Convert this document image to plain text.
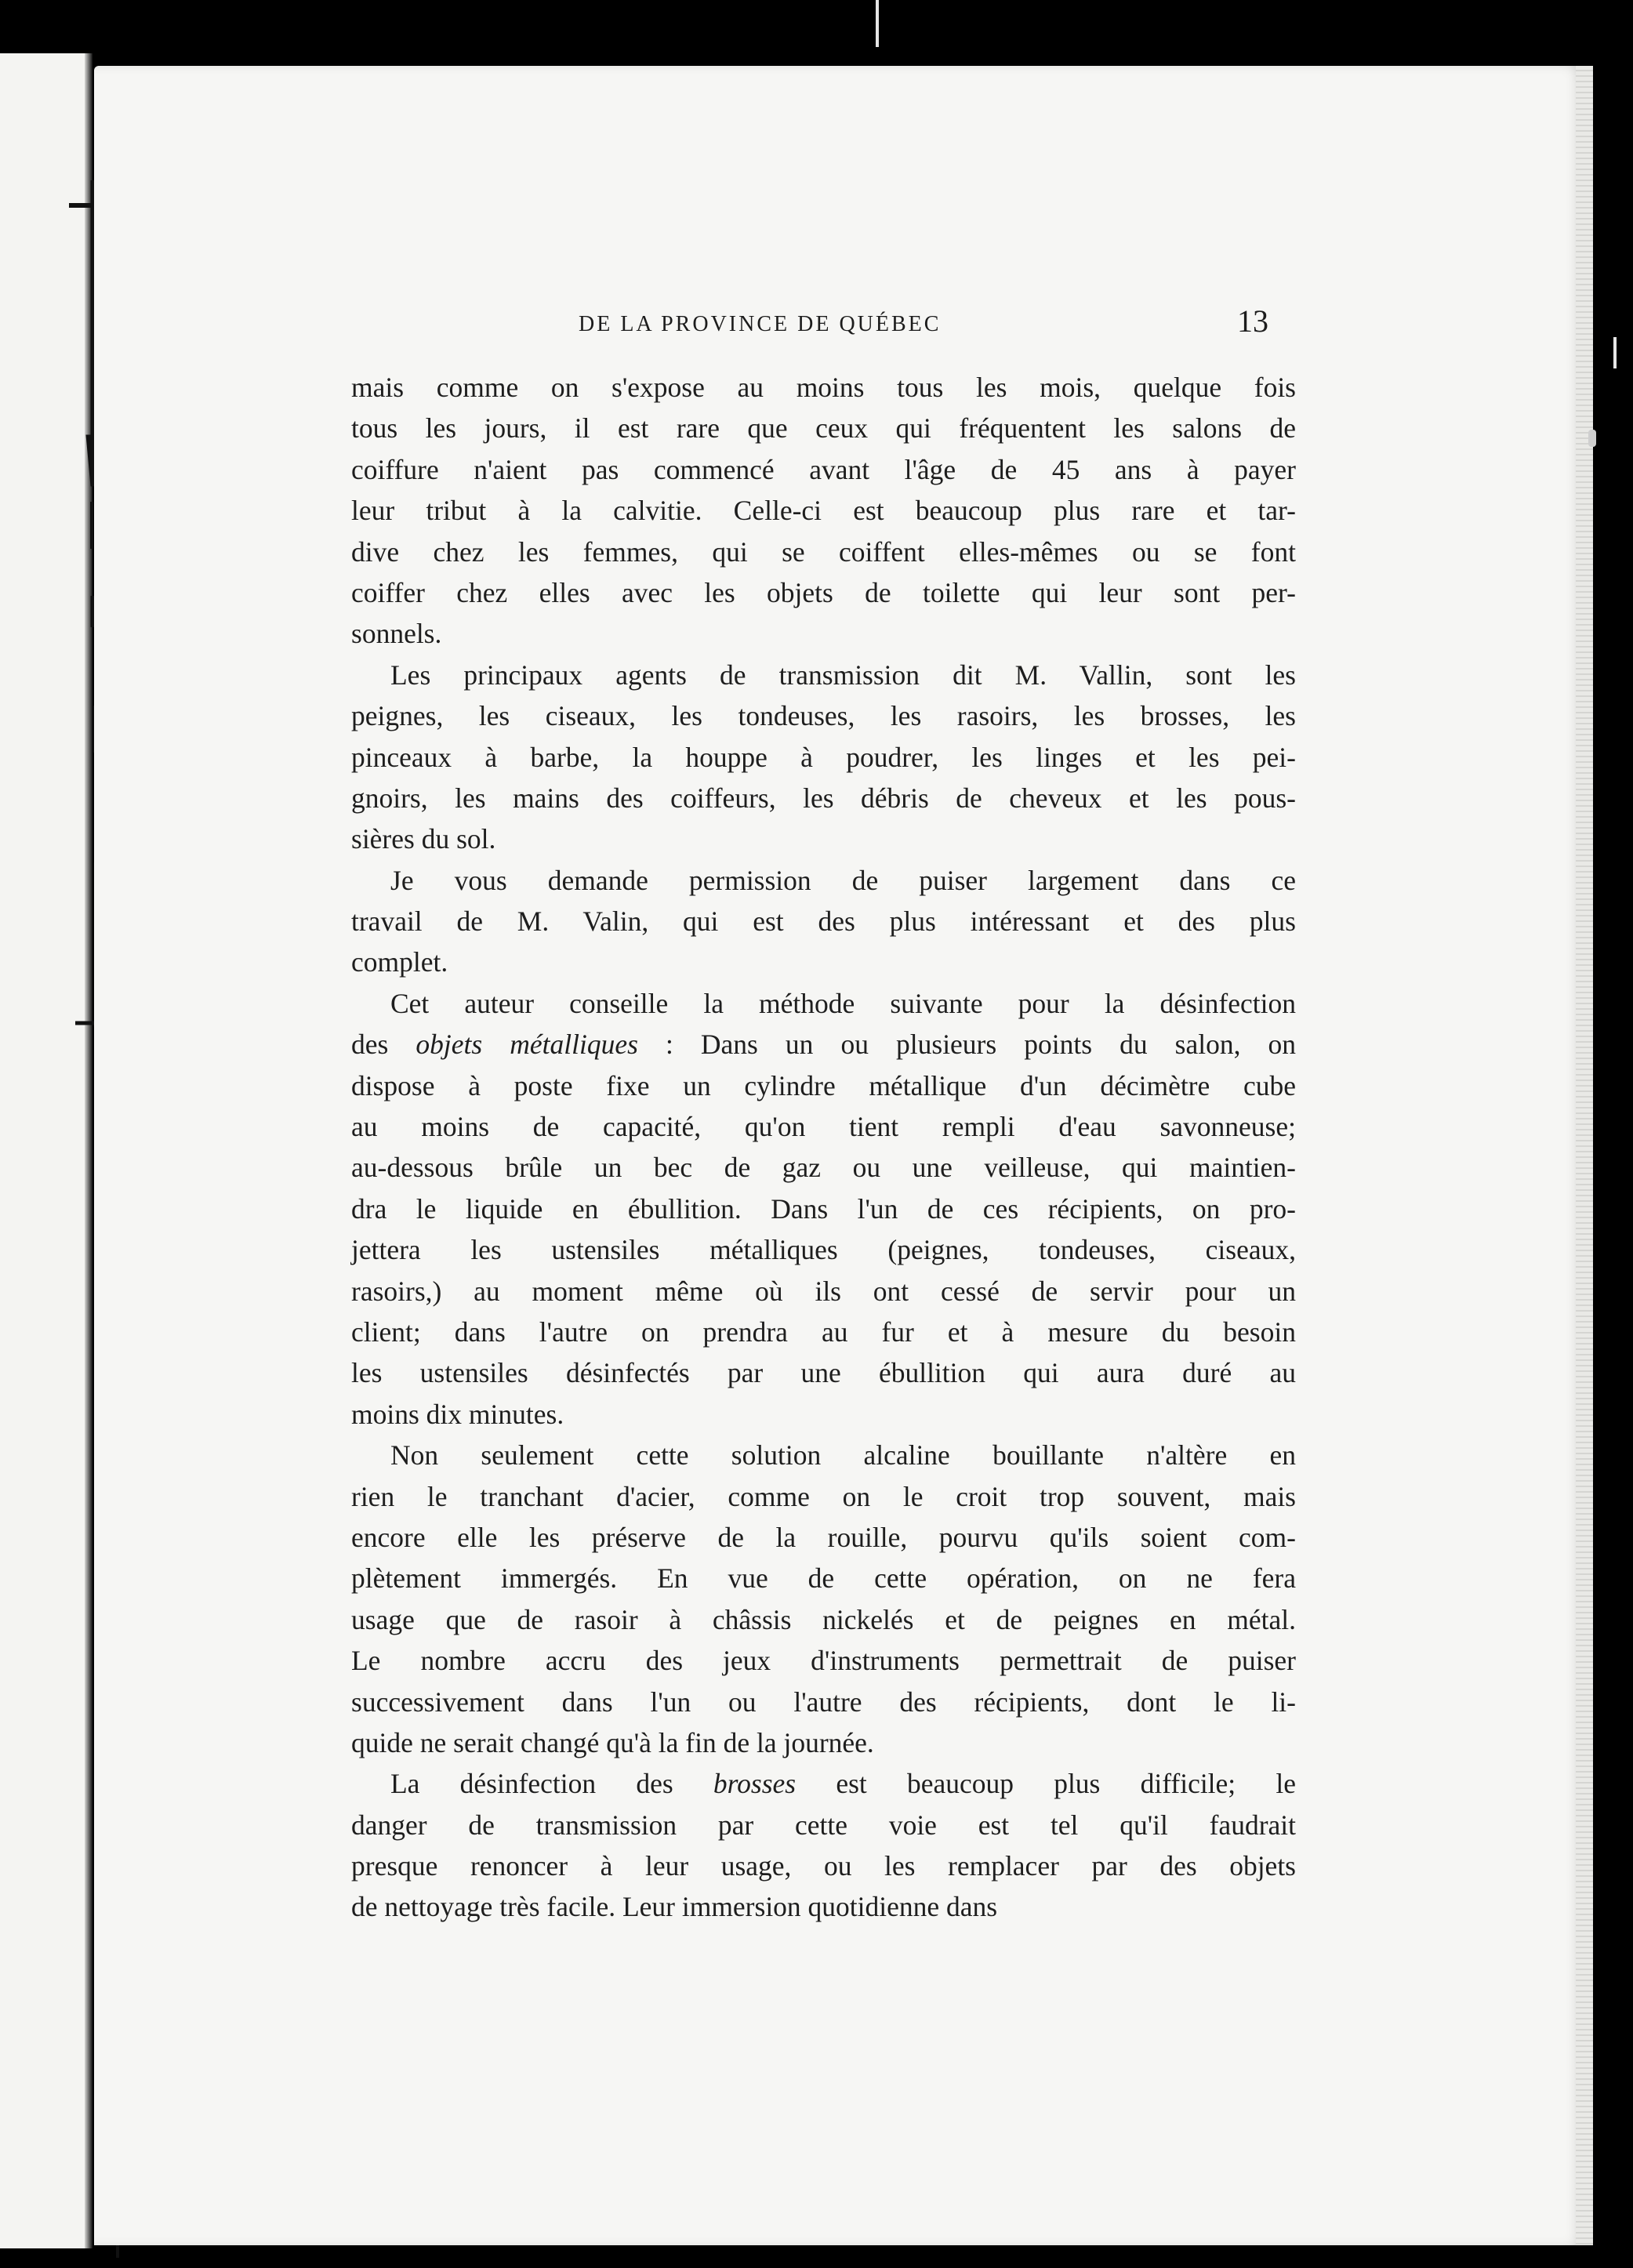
DE LA PROVINCE DE QUÉBEC	13
mais comme on s'expose au moins tous les mois, quelque fois
tous les jours, il est rare que ceux qui fréquentent les salons de
coiffure n'aient pas commencé avant l'âge de 45 ans à payer
leur tribut à la calvitie. Celle-ci est beaucoup plus rare et tar-
dive chez les femmes, qui se coiffent elles-mêmes ou se font
coiffer chez elles avec les objets de toilette qui leur sont per-
sonnels.
Les principaux agents de transmission dit M. Vallin, sont les
peignes, les ciseaux, les tondeuses, les rasoirs, les brosses, les
pinceaux à barbe, la houppe à poudrer, les linges et les pei-
gnoirs, les mains des coiffeurs, les débris de cheveux et les pous-
sières du sol.
Je vous demande permission de puiser largement dans ce
travail de M. Valin, qui est des plus intéressant et des plus
complet.
Cet auteur conseille la méthode suivante pour la désinfection
des objets métalliques : Dans un ou plusieurs points du salon, on
dispose à poste fixe un cylindre métallique d'un décimètre cube
au moins de capacité, qu'on tient rempli d'eau savonneuse;
au-dessous brûle un bec de gaz ou une veilleuse, qui maintien-
dra le liquide en ébullition. Dans l'un de ces récipients, on pro-
jettera les ustensiles métalliques (peignes, tondeuses, ciseaux,
rasoirs,) au moment même où ils ont cessé de servir pour un
client; dans l'autre on prendra au fur et à mesure du besoin
les ustensiles désinfectés par une ébullition qui aura duré au
moins dix minutes.
Non seulement cette solution alcaline bouillante n'altère en
rien le tranchant d'acier, comme on le croit trop souvent, mais
encore elle les préserve de la rouille, pourvu qu'ils soient com-
plètement immergés. En vue de cette opération, on ne fera
usage que de rasoir à châssis nickelés et de peignes en métal.
Le nombre accru des jeux d'instruments permettrait de puiser
successivement dans l'un ou l'autre des récipients, dont le li-
quide ne serait changé qu'à la fin de la journée.
La désinfection des brosses est beaucoup plus difficile; le
danger de transmission par cette voie est tel qu'il faudrait
presque renoncer à leur usage, ou les remplacer par des objets
de nettoyage très facile. Leur immersion quotidienne dans
